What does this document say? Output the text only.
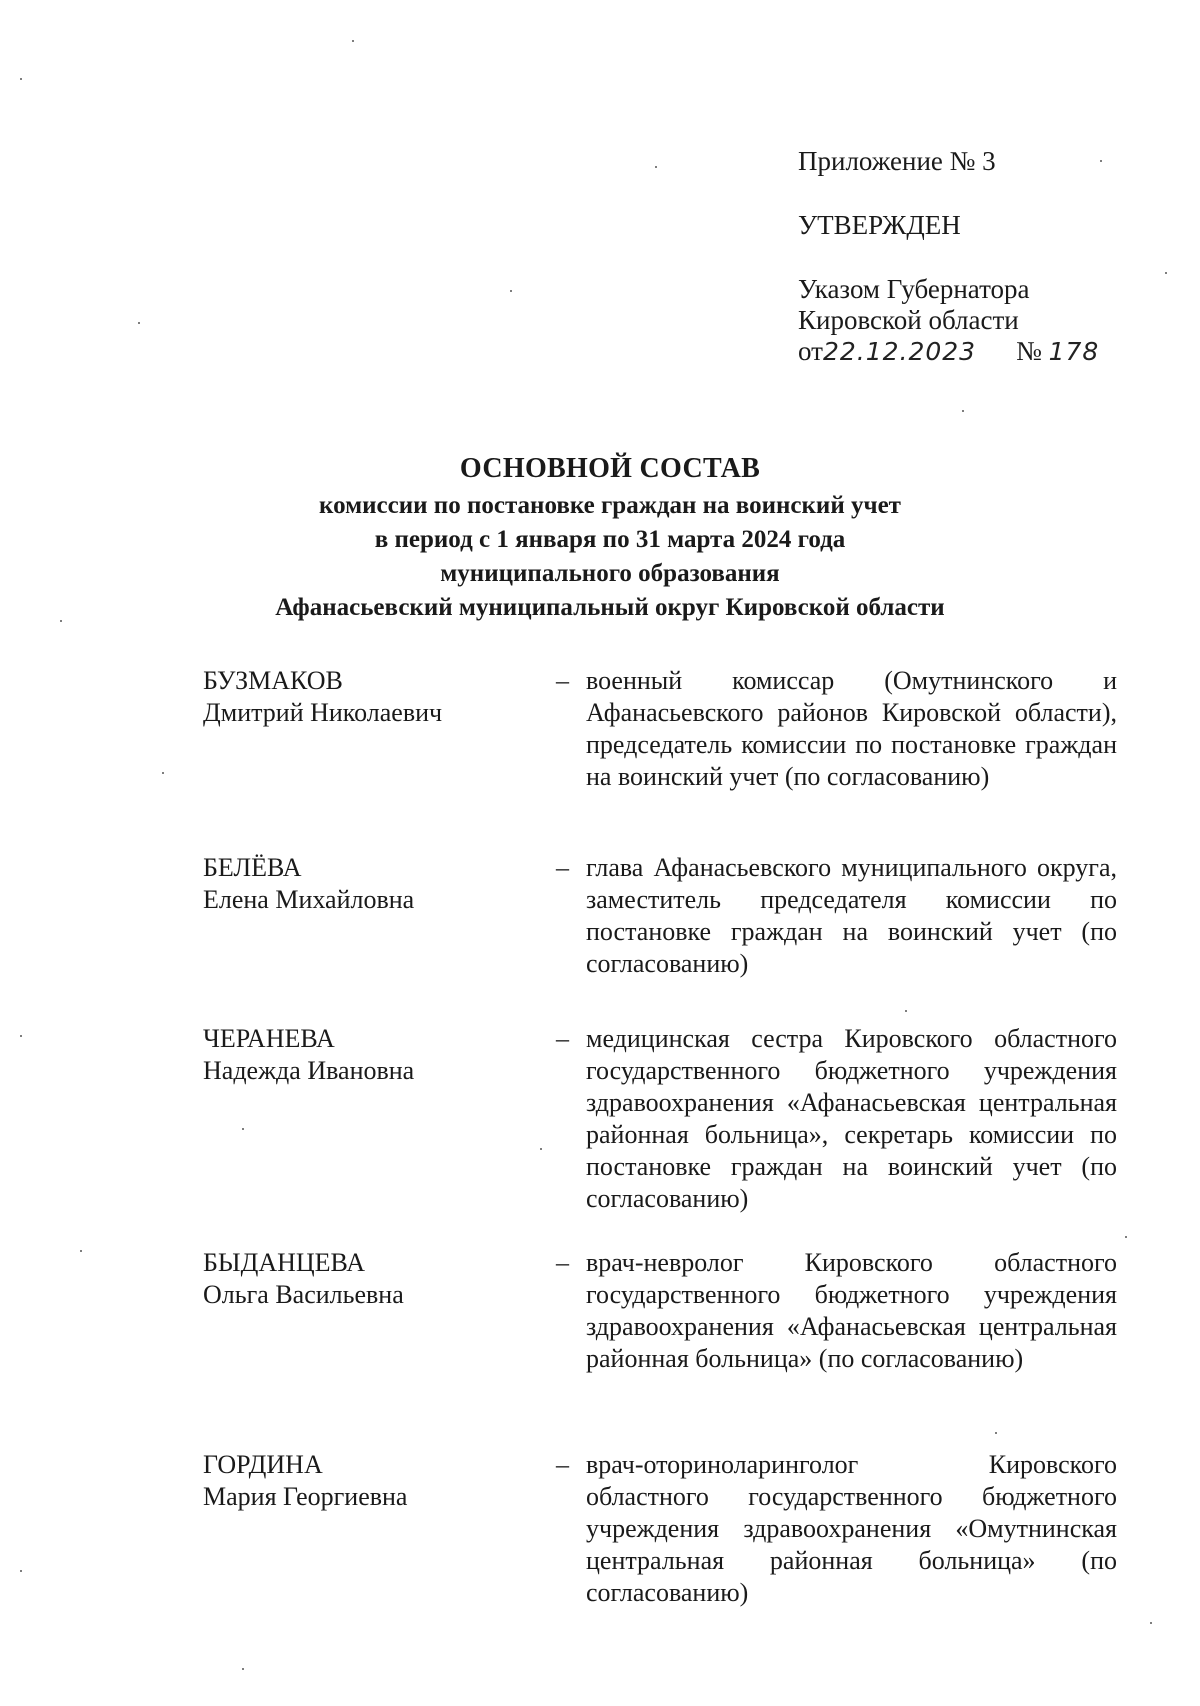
Приложение № 3
УТВЕРЖДЕН
Указом Губернатора
Кировской области
от22.12.2023 № 178
ОСНОВНОЙ СОСТАВ
комиссии по постановке граждан на воинский учет
в период с 1 января по 31 марта 2024 года
муниципального образования
Афанасьевский муниципальный округ Кировской области
БУЗМАКОВ
Дмитрий Николаевич
– военный комиссар (Омутнинского и Афанасьевского районов Кировской области), председатель комиссии по постановке граждан на воинский учет (по согласованию)
БЕЛЁВА
Елена Михайловна
– глава Афанасьевского муниципального округа, заместитель председателя комиссии по постановке граждан на воинский учет (по согласованию)
ЧЕРАНЕВА
Надежда Ивановна
– медицинская сестра Кировского областного государственного бюджетного учреждения здравоохранения «Афанасьевская центральная районная больница», секретарь комиссии по постановке граждан на воинский учет (по согласованию)
БЫДАНЦЕВА
Ольга Васильевна
– врач-невролог Кировского областного государственного бюджетного учреждения здравоохранения «Афанасьевская центральная районная больница» (по согласованию)
ГОРДИНА
Мария Георгиевна
– врач-оториноларинголог Кировского областного государственного бюджетного учреждения здравоохранения «Омутнинская центральная районная больница» (по согласованию)
